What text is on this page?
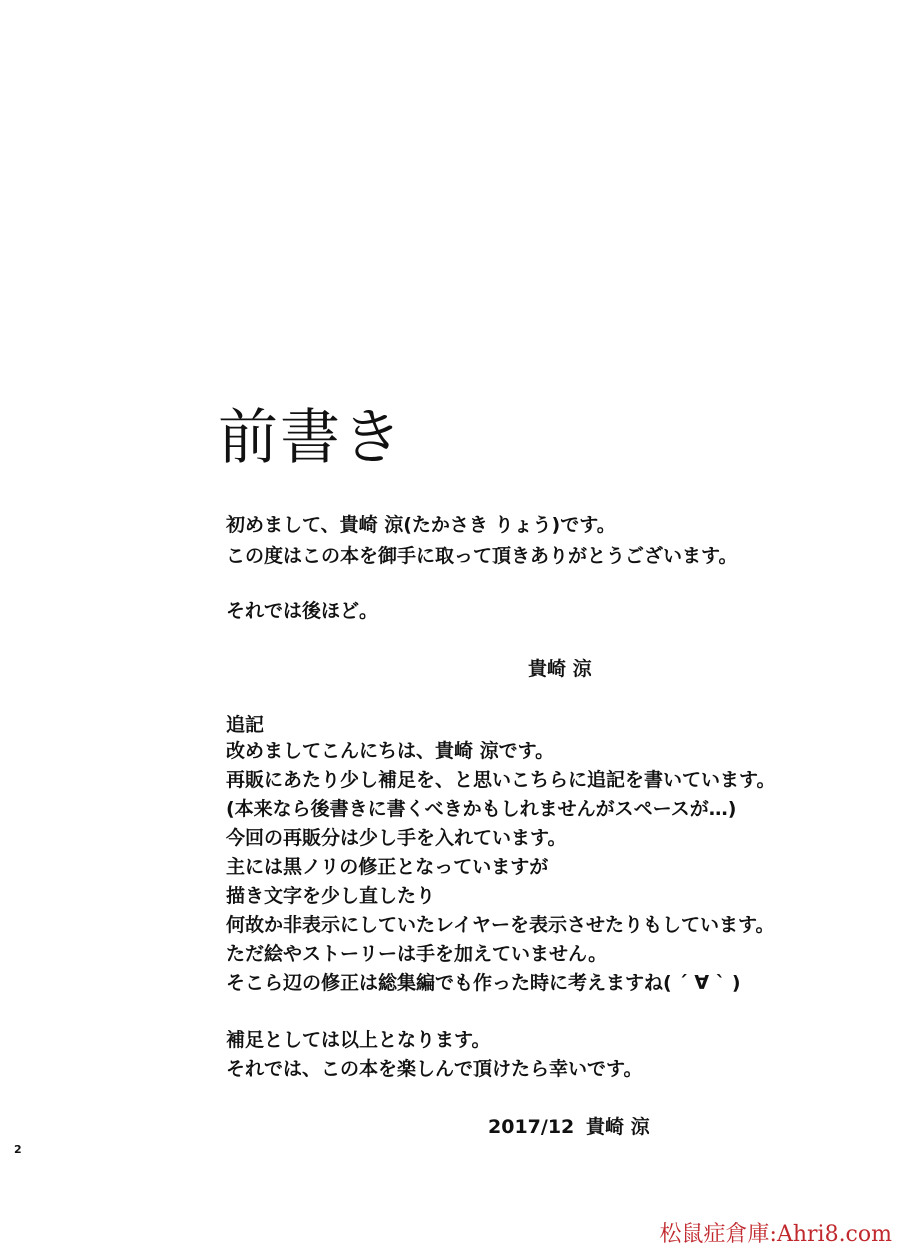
前書き
初めまして、貴崎 涼(たかさき りょう)です。
この度はこの本を御手に取って頂きありがとうございます。
それでは後ほど。
貴崎 涼
追記
改めましてこんにちは、貴崎 涼です。
再販にあたり少し補足を、と思いこちらに追記を書いています。
(本来なら後書きに書くべきかもしれませんがスペースが…)
今回の再販分は少し手を入れています。
主には黒ノリの修正となっていますが
描き文字を少し直したり
何故か非表示にしていたレイヤーを表示させたりもしています。
ただ絵やストーリーは手を加えていません。
そこら辺の修正は総集編でも作った時に考えますね( ´ ∀ ` )
補足としては以上となります。
それでは、この本を楽しんで頂けたら幸いです。
2017/12 貴崎 涼
2
松鼠症倉庫:Ahri8.com
